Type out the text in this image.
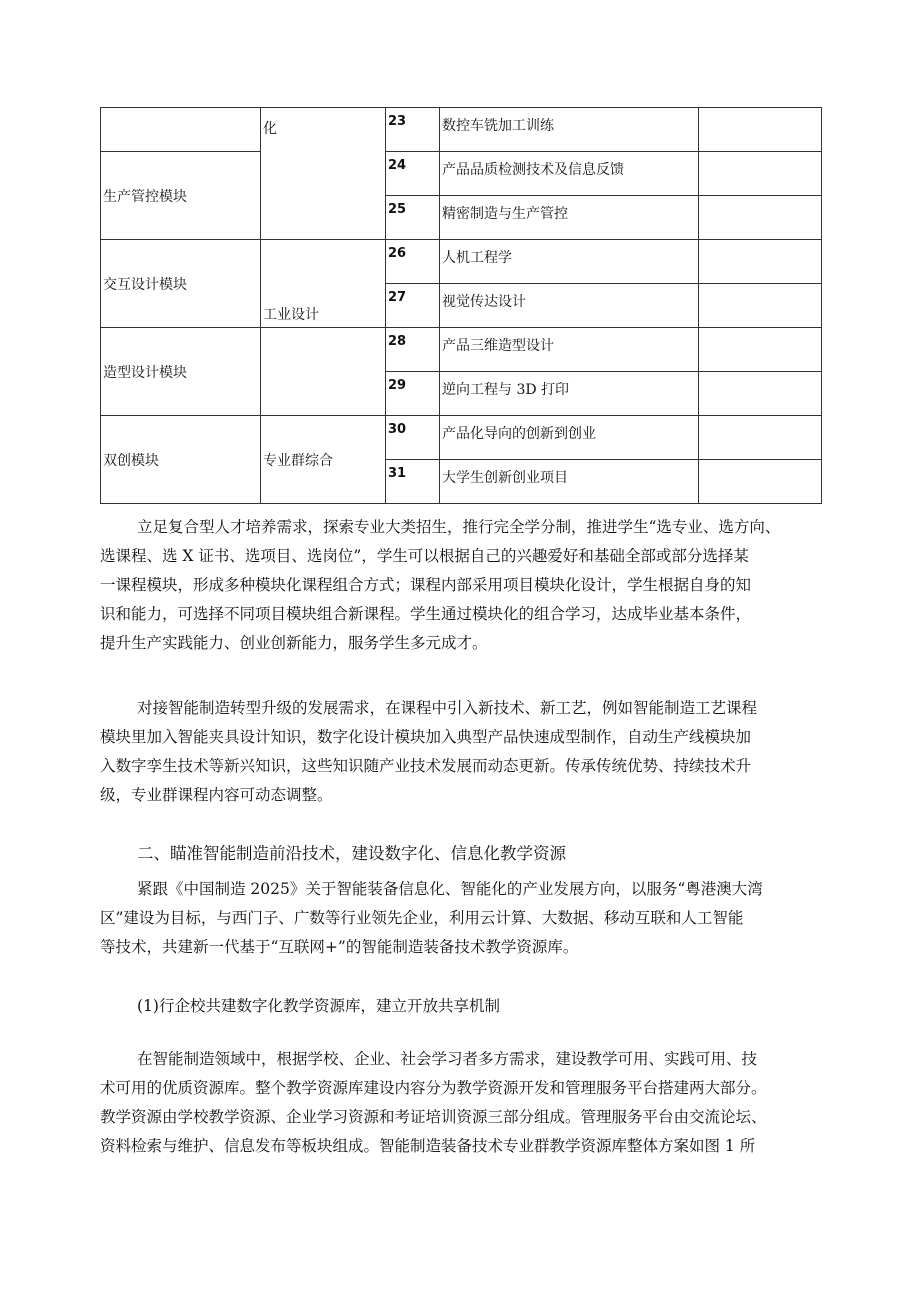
	化	23	数控车铣加工训练	
生产管控模块		24	产品品质检测技术及信息反馈	
		25	精密制造与生产管控	
交互设计模块	工业设计	26	人机工程学	
		27	视觉传达设计	
造型设计模块		28	产品三维造型设计	
		29	逆向工程与 3D 打印	
双创模块	专业群综合	30	产品化导向的创新到创业	
		31	大学生创新创业项目	
立足复合型人才培养需求，探索专业大类招生，推行完全学分制，推进学生“选专业、选方向、
选课程、选 X 证书、选项目、选岗位”，学生可以根据自己的兴趣爱好和基础全部或部分选择某
一课程模块，形成多种模块化课程组合方式；课程内部采用项目模块化设计，学生根据自身的知
识和能力，可选择不同项目模块组合新课程。学生通过模块化的组合学习，达成毕业基本条件，
提升生产实践能力、创业创新能力，服务学生多元成才。
对接智能制造转型升级的发展需求，在课程中引入新技术、新工艺，例如智能制造工艺课程
模块里加入智能夹具设计知识，数字化设计模块加入典型产品快速成型制作，自动生产线模块加
入数字孪生技术等新兴知识，这些知识随产业技术发展而动态更新。传承传统优势、持续技术升
级，专业群课程内容可动态调整。

二、瞄准智能制造前沿技术，建设数字化、信息化教学资源

紧跟《中国制造 2025》关于智能装备信息化、智能化的产业发展方向，以服务“粤港澳大湾
区”建设为目标，与西门子、广数等行业领先企业，利用云计算、大数据、移动互联和人工智能
等技术，共建新一代基于“互联网+”的智能制造装备技术教学资源库。

(1)行企校共建数字化教学资源库，建立开放共享机制

在智能制造领域中，根据学校、企业、社会学习者多方需求，建设教学可用、实践可用、技
术可用的优质资源库。整个教学资源库建设内容分为教学资源开发和管理服务平台搭建两大部分。
教学资源由学校教学资源、企业学习资源和考证培训资源三部分组成。管理服务平台由交流论坛、
资料检索与维护、信息发布等板块组成。智能制造装备技术专业群教学资源库整体方案如图 1 所
